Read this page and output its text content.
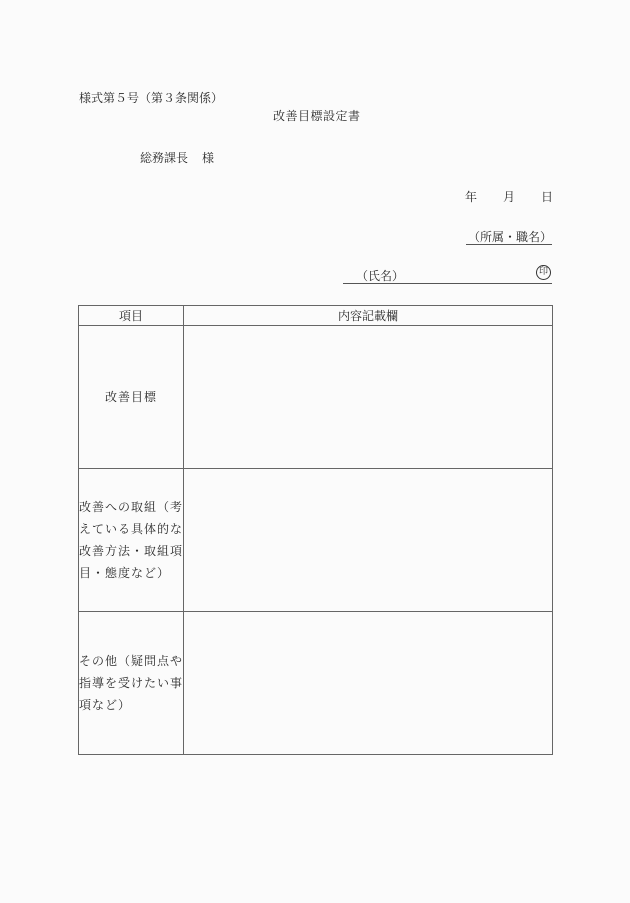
様式第５号（第３条関係）
改善目標設定書
総務課長 様
年 月 日
（所属・職名）
（氏名）	印
項目	内容記載欄
改善目標	
改善への取組（考えている具体的な改善方法・取組項目・態度など）	
その他（疑問点や指導を受けたい事項など）	
